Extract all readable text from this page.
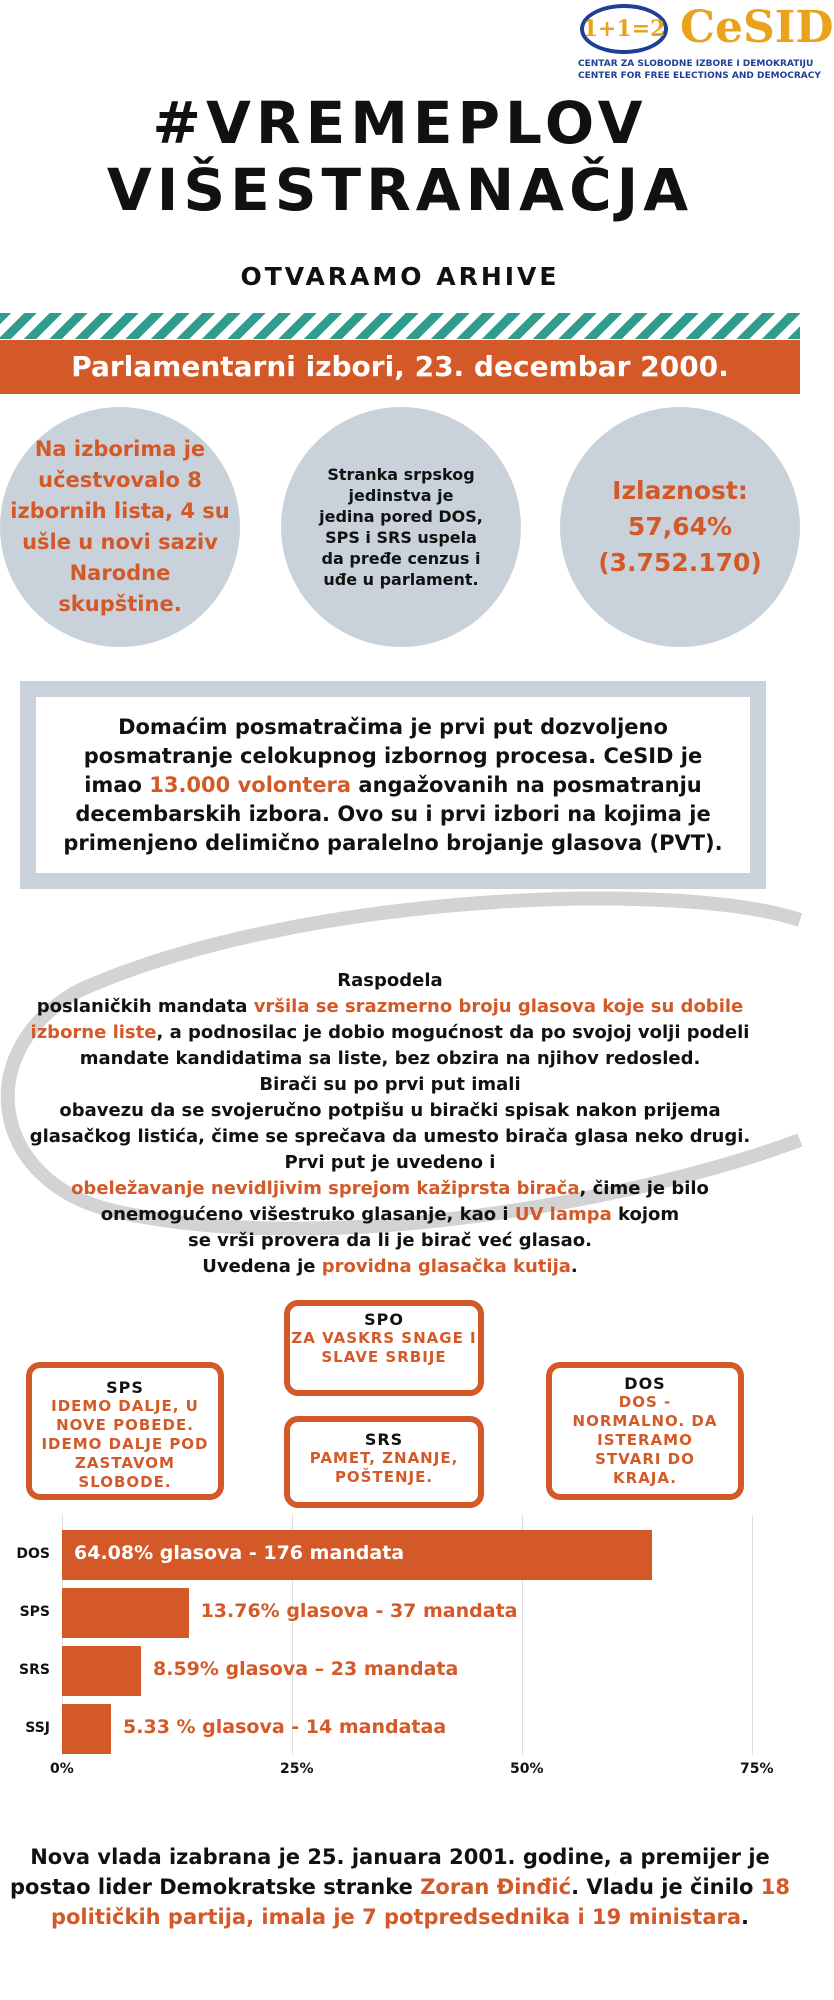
1+1=2 CeSID
CENTAR ZA SLOBODNE IZBORE I DEMOKRATIJU
CENTER FOR FREE ELECTIONS AND DEMOCRACY
#VREMEPLOV
VIŠESTRANAČJA
OTVARAMO ARHIVE
Parlamentarni izbori, 23. decembar 2000.
Na izborima je učestvovalo 8 izbornih lista, 4 su ušle u novi saziv Narodne skupštine.
Stranka srpskog jedinstva je jedina pored DOS, SPS i SRS uspela da pređe cenzus i uđe u parlament.
Izlaznost:
57,64%
(3.752.170)
Domaćim posmatračima je prvi put dozvoljeno posmatranje celokupnog izbornog procesa. CeSID je imao 13.000 volontera angažovanih na posmatranju decembarskih izbora. Ovo su i prvi izbori na kojima je primenjeno delimično paralelno brojanje glasova (PVT).
Raspodela
poslaničkih mandata vršila se srazmerno broju glasova koje su dobile izborne liste, a podnosilac je dobio mogućnost da po svojoj volji podeli mandate kandidatima sa liste, bez obzira na njihov redosled.
Birači su po prvi put imali
obavezu da se svojeručno potpišu u birački spisak nakon prijema glasačkog listića, čime se sprečava da umesto birača glasa neko drugi.
Prvi put je uvedeno i
obeležavanje nevidljivim sprejom kažiprsta birača, čime je bilo onemogućeno višestruko glasanje, kao i UV lampa kojom
se vrši provera da li je birač već glasao.
Uvedena je providna glasačka kutija.
SPO
ZA VASKRS SNAGE I SLAVE SRBIJE
SPS
IDEMO DALJE, U NOVE POBEDE. IDEMO DALJE POD ZASTAVOM SLOBODE.
SRS
PAMET, ZNANJE, POŠTENJE.
DOS
DOS - NORMALNO. DA ISTERAMO STVARI DO KRAJA.
DOS 64.08% glasova - 176 mandata
SPS	13.76% glasova - 37 mandata
SRS	8.59% glasova – 23 mandata
SSJ	5.33 % glasova - 14 mandataa
0%	25%	50%	75%
Nova vlada izabrana je 25. januara 2001. godine, a premijer je postao lider Demokratske stranke Zoran Đinđić. Vladu je činilo 18 političkih partija, imala je 7 potpredsednika i 19 ministara.
